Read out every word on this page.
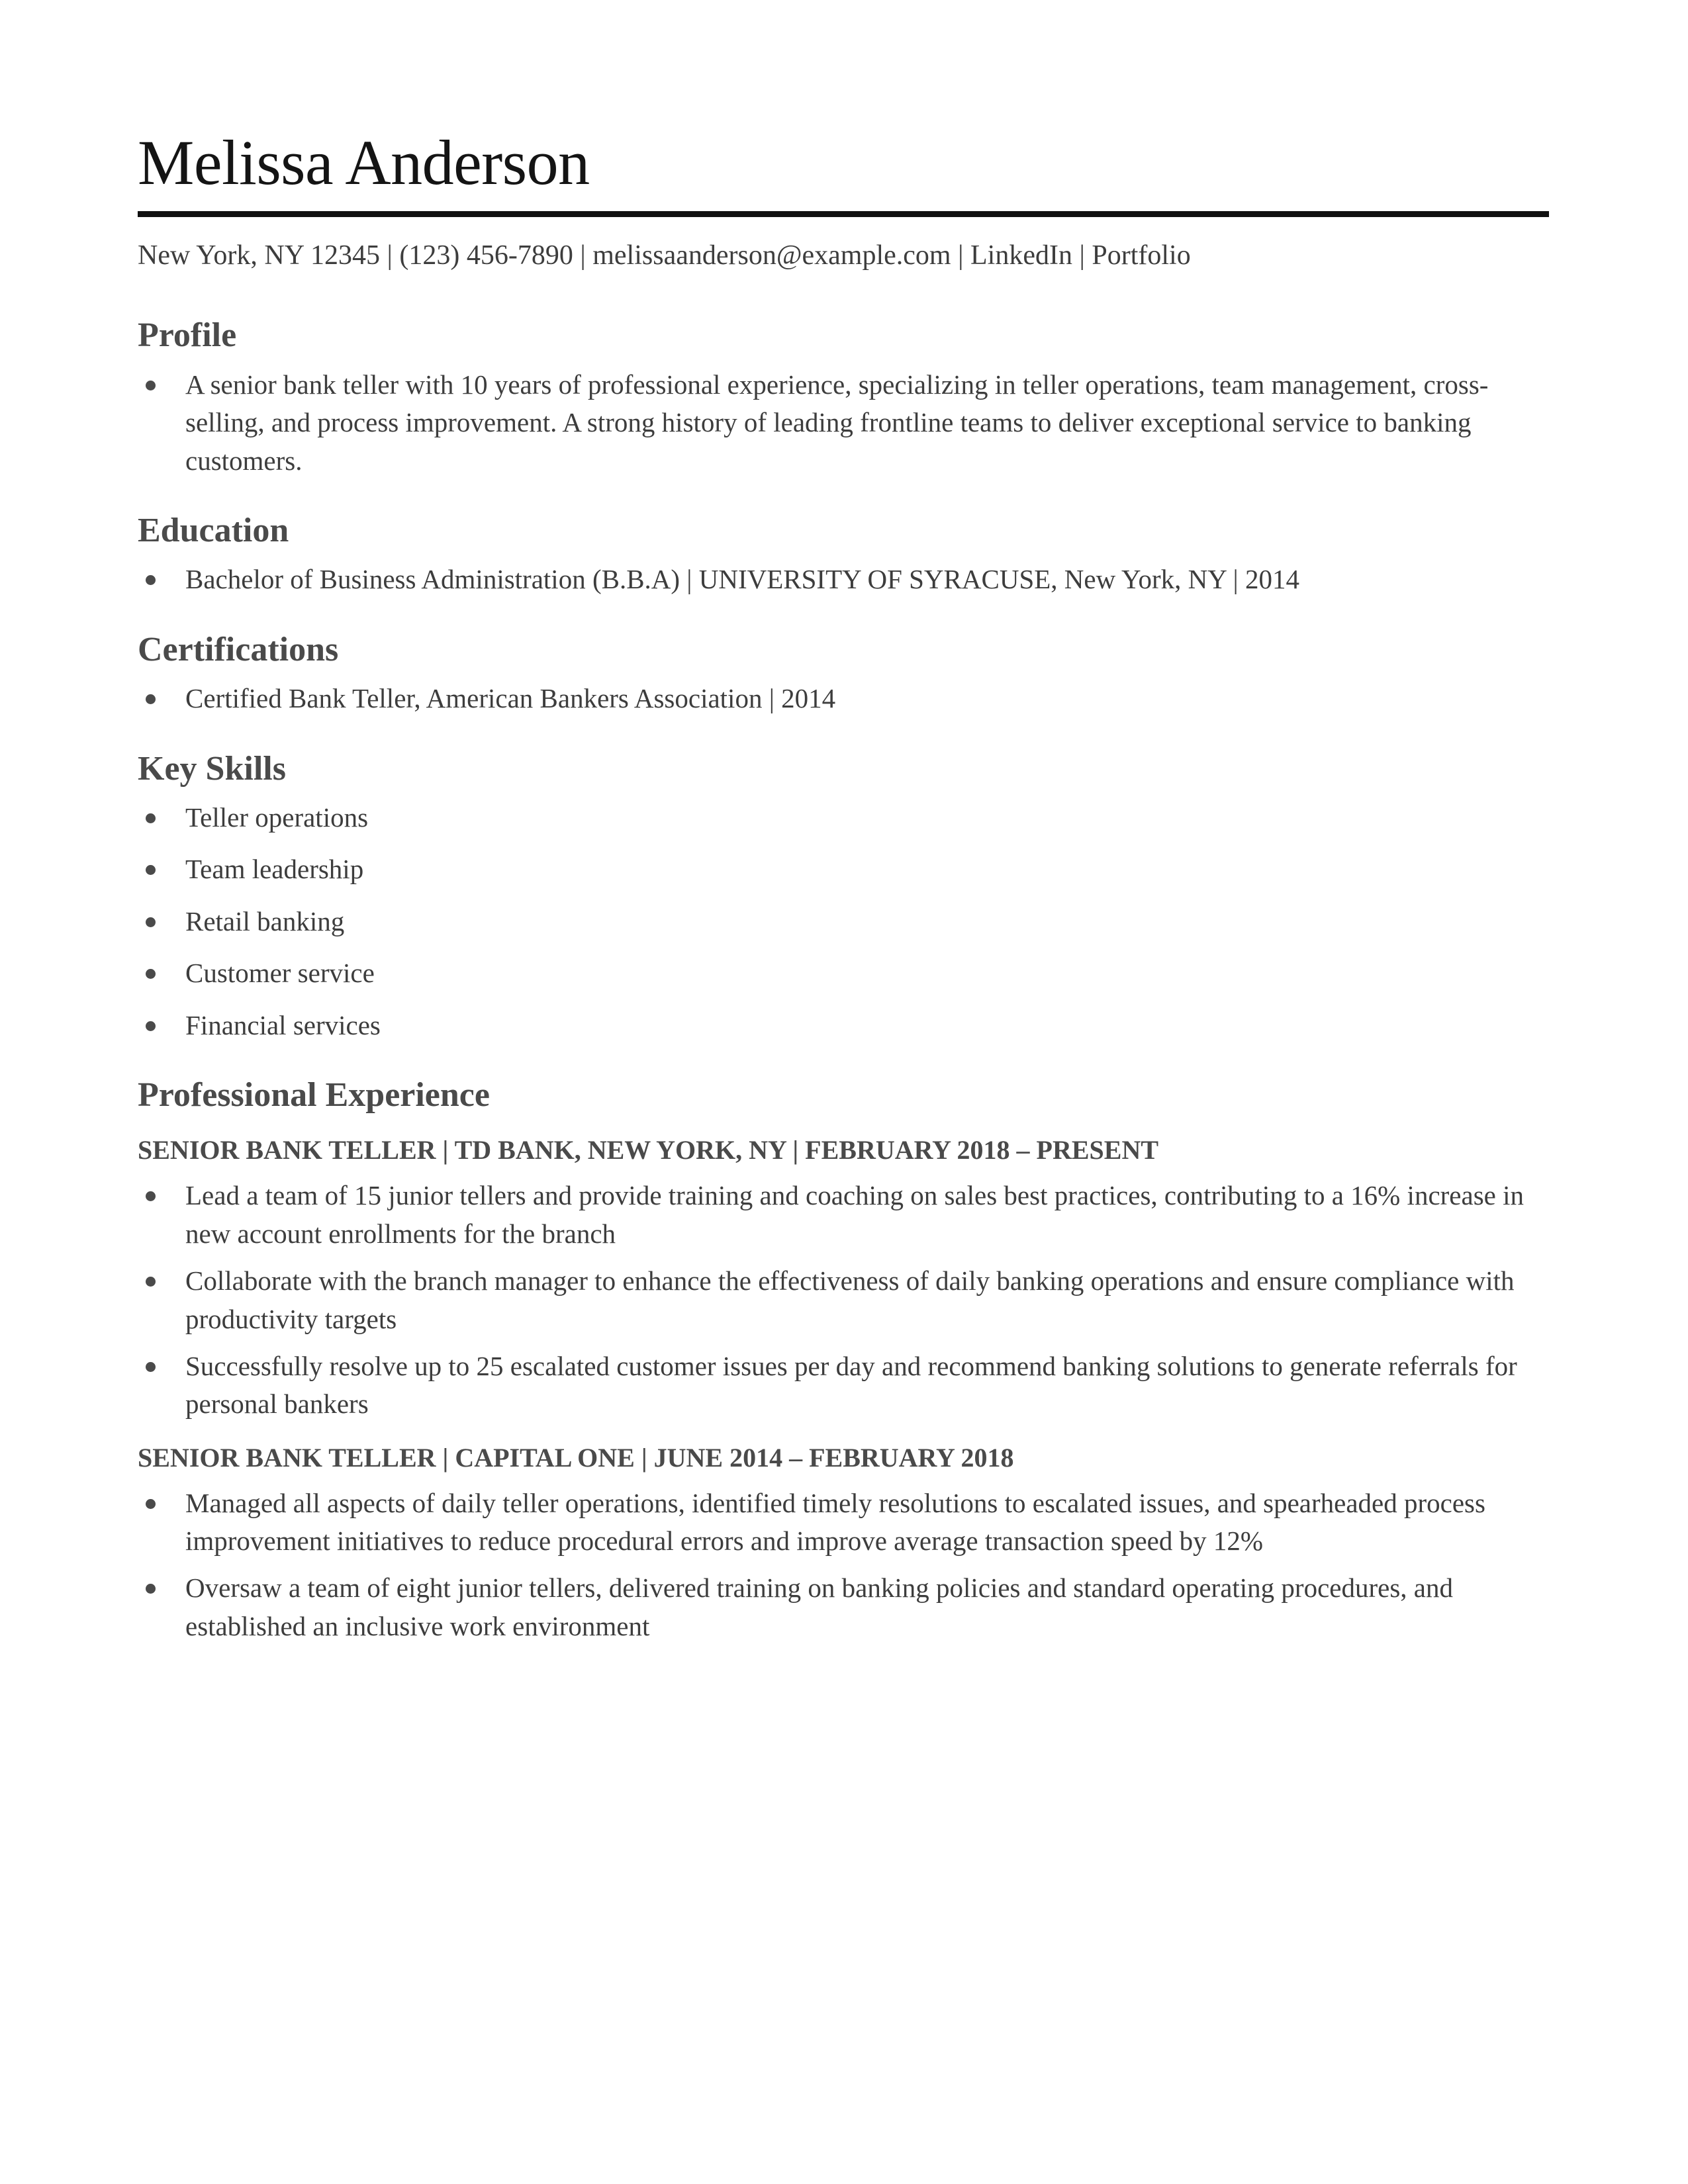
Melissa Anderson
New York, NY 12345 | (123) 456-7890 | melissaanderson@example.com | LinkedIn | Portfolio
Profile
A senior bank teller with 10 years of professional experience, specializing in teller operations, team management, cross-selling, and process improvement. A strong history of leading frontline teams to deliver exceptional service to banking customers.
Education
Bachelor of Business Administration (B.B.A) | UNIVERSITY OF SYRACUSE, New York, NY | 2014
Certifications
Certified Bank Teller, American Bankers Association | 2014
Key Skills
Teller operations
Team leadership
Retail banking
Customer service
Financial services
Professional Experience
SENIOR BANK TELLER | TD BANK, NEW YORK, NY | FEBRUARY 2018 – PRESENT
Lead a team of 15 junior tellers and provide training and coaching on sales best practices, contributing to a 16% increase in new account enrollments for the branch
Collaborate with the branch manager to enhance the effectiveness of daily banking operations and ensure compliance with productivity targets
Successfully resolve up to 25 escalated customer issues per day and recommend banking solutions to generate referrals for personal bankers
SENIOR BANK TELLER | CAPITAL ONE | JUNE 2014 – FEBRUARY 2018
Managed all aspects of daily teller operations, identified timely resolutions to escalated issues, and spearheaded process improvement initiatives to reduce procedural errors and improve average transaction speed by 12%
Oversaw a team of eight junior tellers, delivered training on banking policies and standard operating procedures, and established an inclusive work environment
